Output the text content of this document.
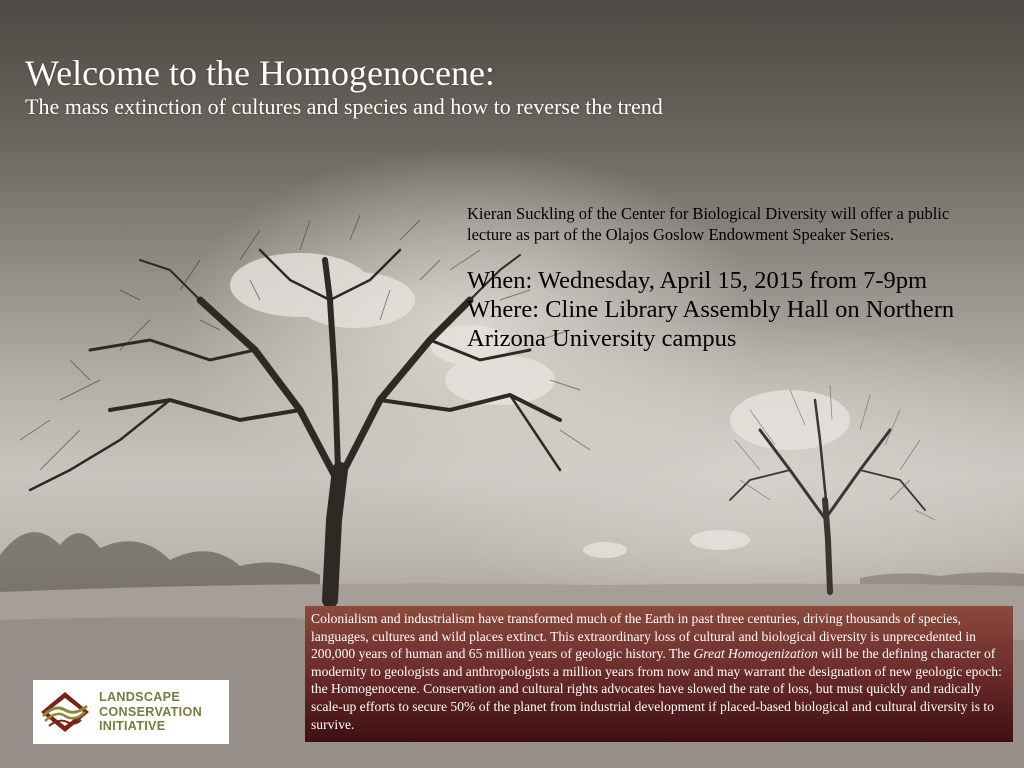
Welcome to the Homogenocene:
The mass extinction of cultures and species and how to reverse the trend
Kieran Suckling of the Center for Biological Diversity will offer a public lecture as part of the Olajos Goslow Endowment Speaker Series.
When: Wednesday, April 15, 2015 from 7-9pm
Where: Cline Library Assembly Hall on Northern Arizona University campus
Colonialism and industrialism have transformed much of the Earth in past three centuries, driving thousands of species, languages, cultures and wild places extinct. This extraordinary loss of cultural and biological diversity is unprecedented in 200,000 years of human and 65 million years of geologic history. The Great Homogenization will be the defining character of modernity to geologists and anthropologists a million years from now and may warrant the designation of new geologic epoch: the Homogenocene. Conservation and cultural rights advocates have slowed the rate of loss, but must quickly and radically scale-up efforts to secure 50% of the planet from industrial development if placed-based biological and cultural diversity is to survive.
LANDSCAPE
CONSERVATION
INITIATIVE
